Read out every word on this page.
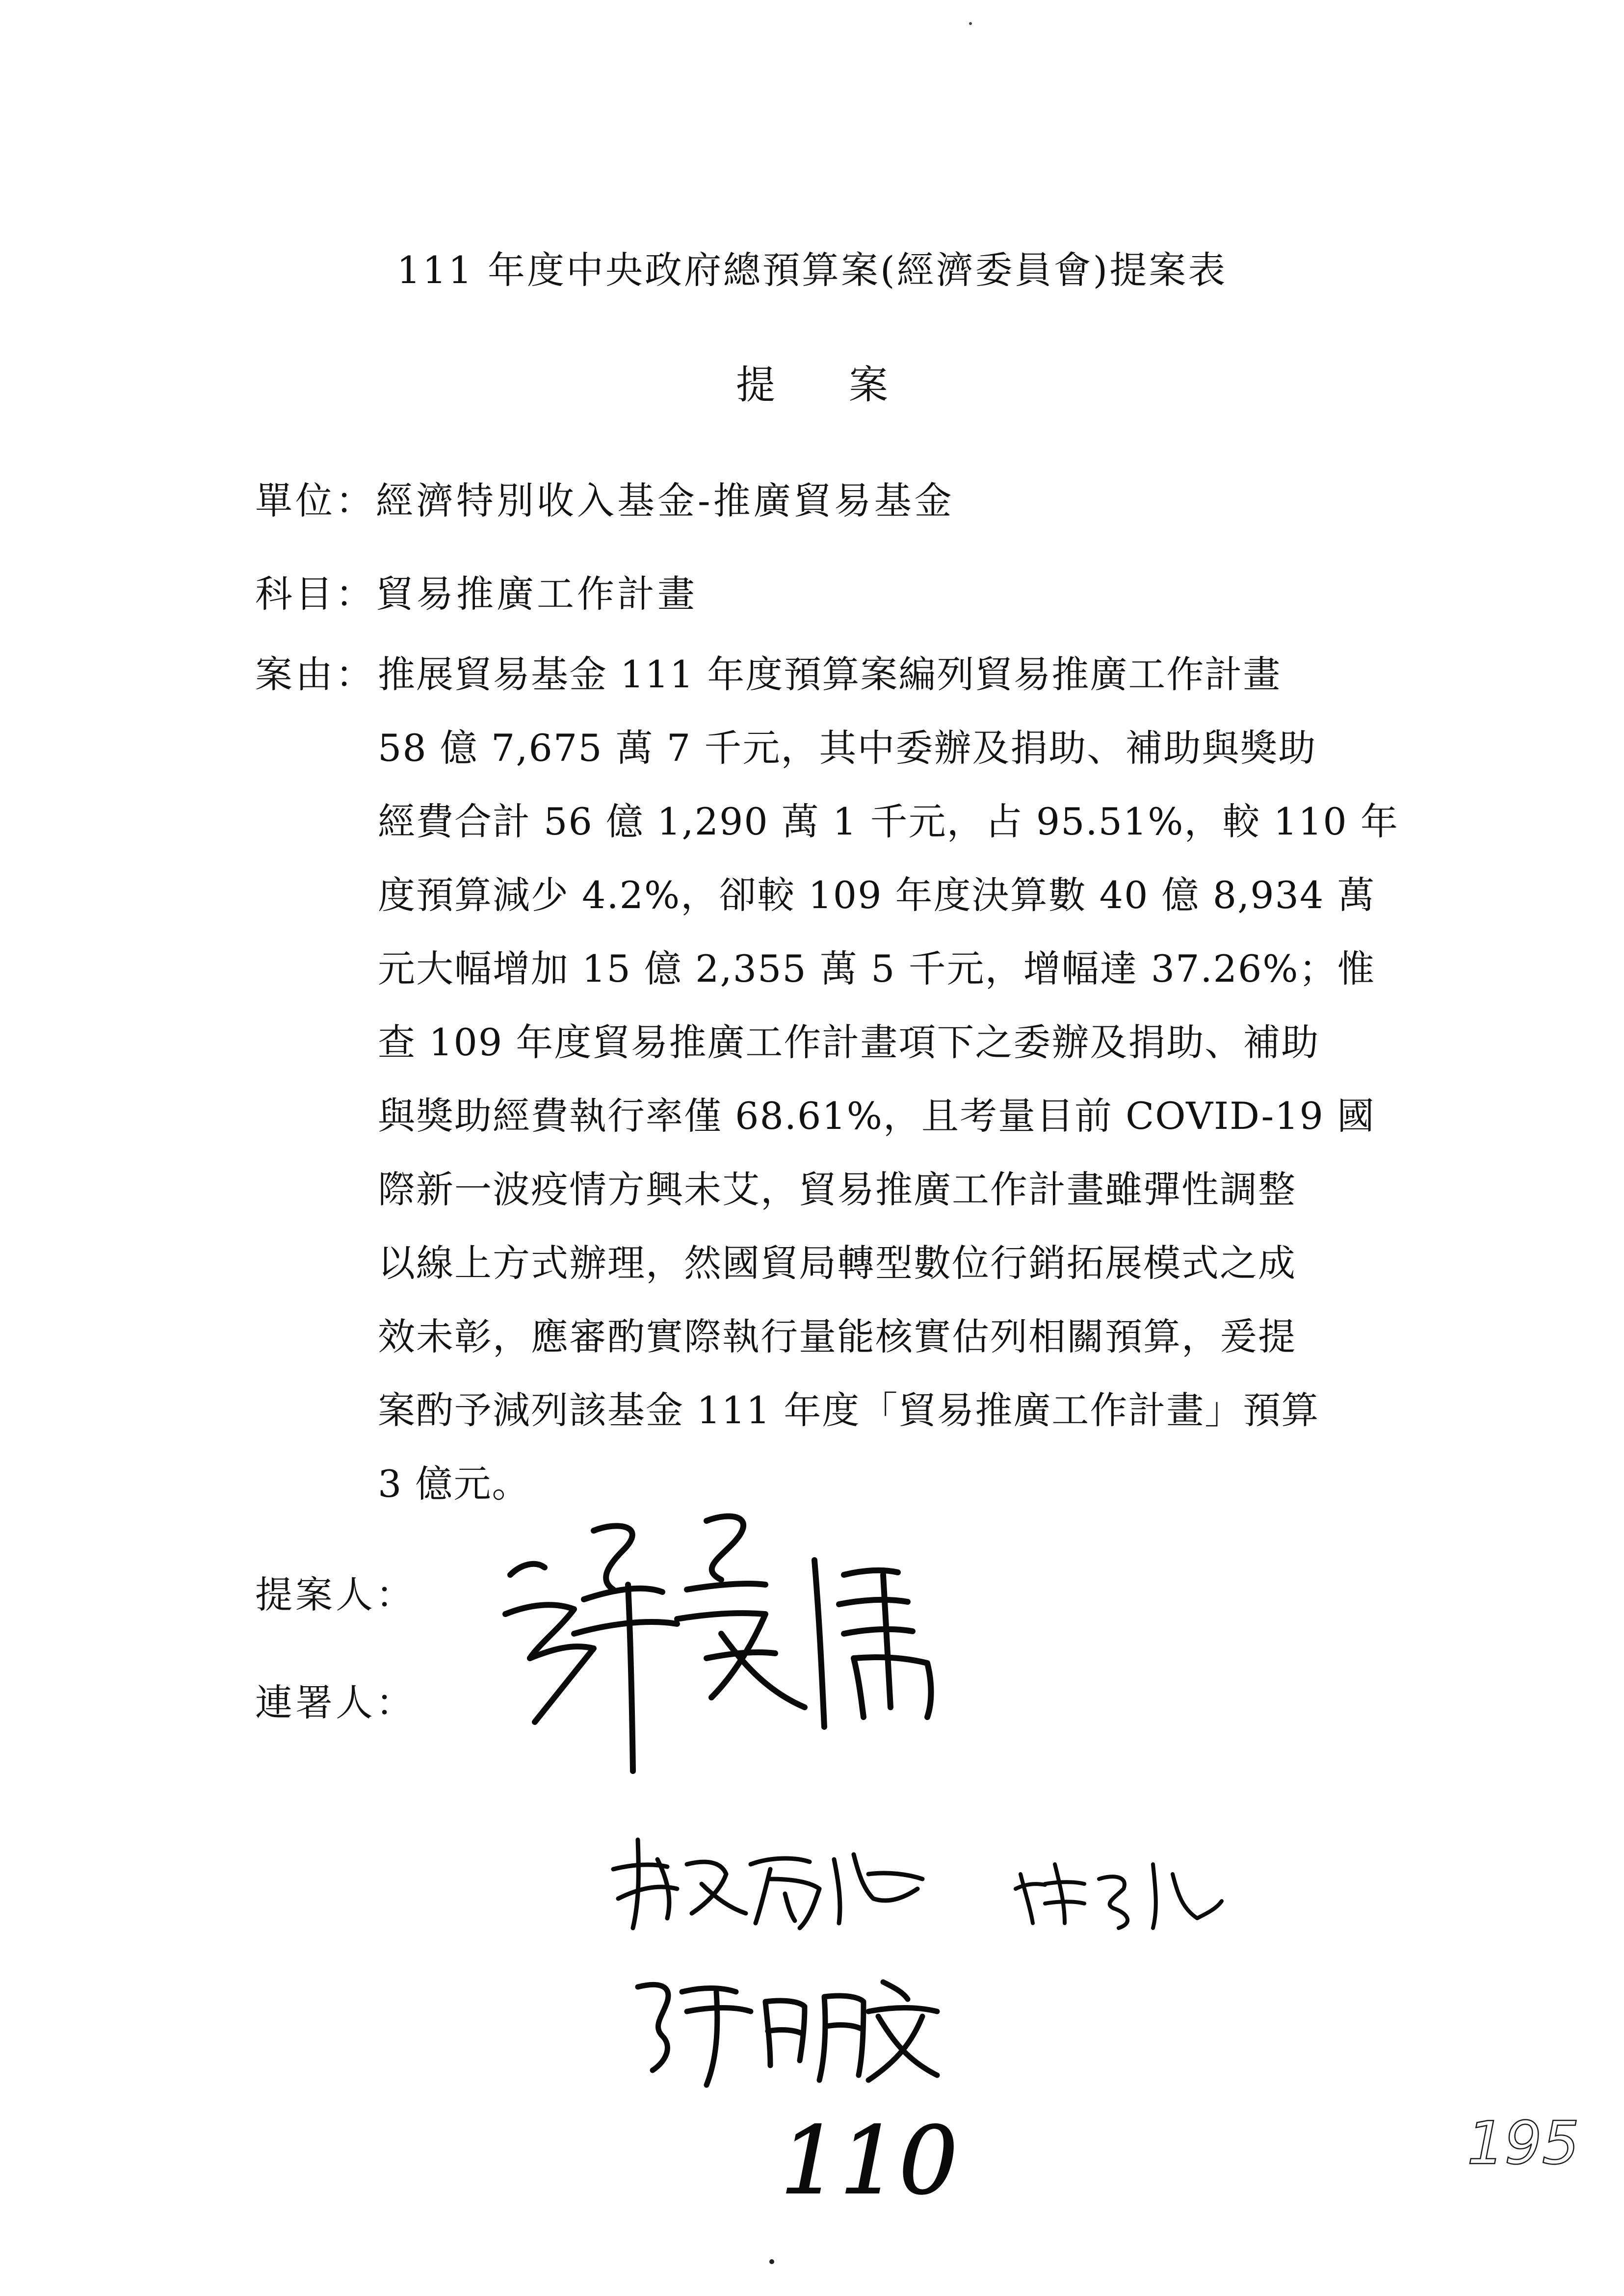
111 年度中央政府總預算案(經濟委員會)提案表
提案
單位：經濟特別收入基金-推廣貿易基金
科目：貿易推廣工作計畫
案由： 推展貿易基金 111 年度預算案編列貿易推廣工作計畫
58 億 7,675 萬 7 千元，其中委辦及捐助、補助與獎助
經費合計 56 億 1,290 萬 1 千元，占 95.51%，較 110 年
度預算減少 4.2%，卻較 109 年度決算數 40 億 8,934 萬
元大幅增加 15 億 2,355 萬 5 千元，增幅達 37.26%；惟
查 109 年度貿易推廣工作計畫項下之委辦及捐助、補助
與獎助經費執行率僅 68.61%，且考量目前 COVID-19 國
際新一波疫情方興未艾，貿易推廣工作計畫雖彈性調整
以線上方式辦理，然國貿局轉型數位行銷拓展模式之成
效未彰，應審酌實際執行量能核實估列相關預算，爰提
案酌予減列該基金 111 年度「貿易推廣工作計畫」預算
3 億元。
提案人：
連署人：
110	195
